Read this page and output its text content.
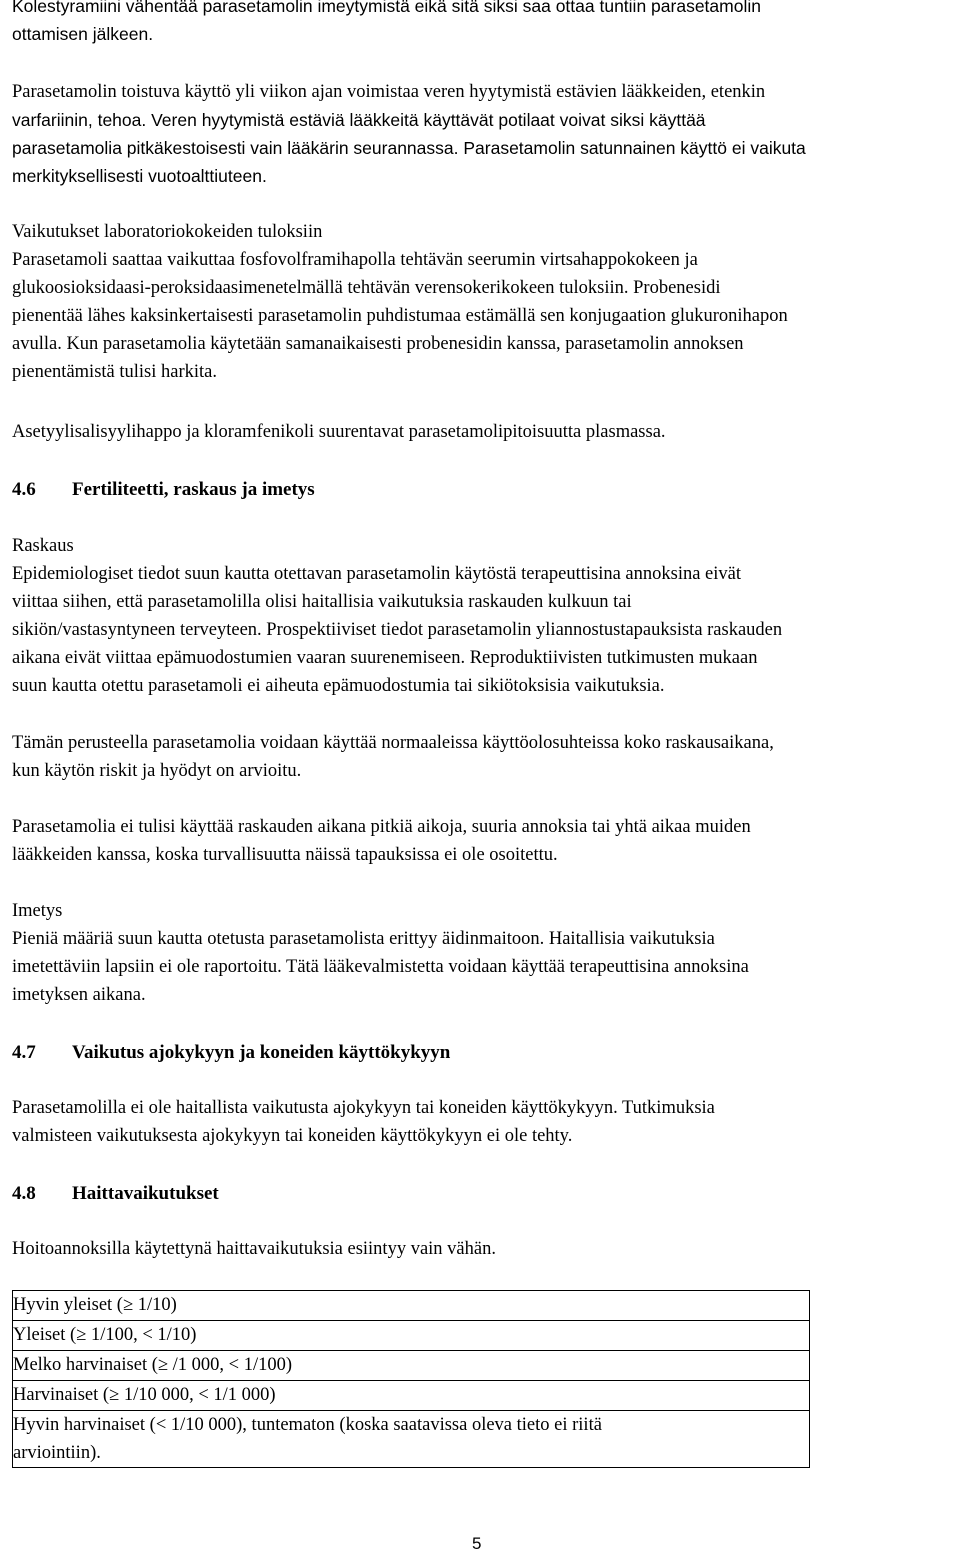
Kolestyramiini vähentää parasetamolin imeytymistä eikä sitä siksi saa ottaa tuntiin parasetamolin
ottamisen jälkeen.

Parasetamolin toistuva käyttö yli viikon ajan voimistaa veren hyytymistä estävien lääkkeiden, etenkin
varfariinin, tehoa. Veren hyytymistä estäviä lääkkeitä käyttävät potilaat voivat siksi käyttää
parasetamolia pitkäkestoisesti vain lääkärin seurannassa. Parasetamolin satunnainen käyttö ei vaikuta
merkityksellisesti vuotoalttiuteen.

Vaikutukset laboratoriokokeiden tuloksiin
Parasetamoli saattaa vaikuttaa fosfovolframihapolla tehtävän seerumin virtsahappokokeen ja
glukoosioksidaasi-peroksidaasimenetelmällä tehtävän verensokerikokeen tuloksiin. Probenesidi
pienentää lähes kaksinkertaisesti parasetamolin puhdistumaa estämällä sen konjugaation glukuronihapon
avulla. Kun parasetamolia käytetään samanaikaisesti probenesidin kanssa, parasetamolin annoksen
pienentämistä tulisi harkita.

Asetyylisalisyylihappo ja kloramfenikoli suurentavat parasetamolipitoisuutta plasmassa.

4.6 Fertiliteetti, raskaus ja imetys

Raskaus
Epidemiologiset tiedot suun kautta otettavan parasetamolin käytöstä terapeuttisina annoksina eivät
viittaa siihen, että parasetamolilla olisi haitallisia vaikutuksia raskauden kulkuun tai
sikiön/vastasyntyneen terveyteen. Prospektiiviset tiedot parasetamolin yliannostustapauksista raskauden
aikana eivät viittaa epämuodostumien vaaran suurenemiseen. Reproduktiivisten tutkimusten mukaan
suun kautta otettu parasetamoli ei aiheuta epämuodostumia tai sikiötoksisia vaikutuksia.

Tämän perusteella parasetamolia voidaan käyttää normaaleissa käyttöolosuhteissa koko raskausaikana,
kun käytön riskit ja hyödyt on arvioitu.

Parasetamolia ei tulisi käyttää raskauden aikana pitkiä aikoja, suuria annoksia tai yhtä aikaa muiden
lääkkeiden kanssa, koska turvallisuutta näissä tapauksissa ei ole osoitettu.

Imetys
Pieniä määriä suun kautta otetusta parasetamolista erittyy äidinmaitoon. Haitallisia vaikutuksia
imetettäviin lapsiin ei ole raportoitu. Tätä lääkevalmistetta voidaan käyttää terapeuttisina annoksina
imetyksen aikana.

4.7 Vaikutus ajokykyyn ja koneiden käyttökykyyn

Parasetamolilla ei ole haitallista vaikutusta ajokykyyn tai koneiden käyttökykyyn. Tutkimuksia
valmisteen vaikutuksesta ajokykyyn tai koneiden käyttökykyyn ei ole tehty.

4.8 Haittavaikutukset

Hoitoannoksilla käytettynä haittavaikutuksia esiintyy vain vähän.

Hyvin yleiset (≥ 1/10)

Yleiset (≥ 1/100, < 1/10)

Melko harvinaiset (≥ /1 000, < 1/100)

Harvinaiset (≥ 1/10 000, < 1/1 000)

Hyvin harvinaiset (< 1/10 000), tuntematon (koska saatavissa oleva tieto ei riitä
arviointiin).
5
